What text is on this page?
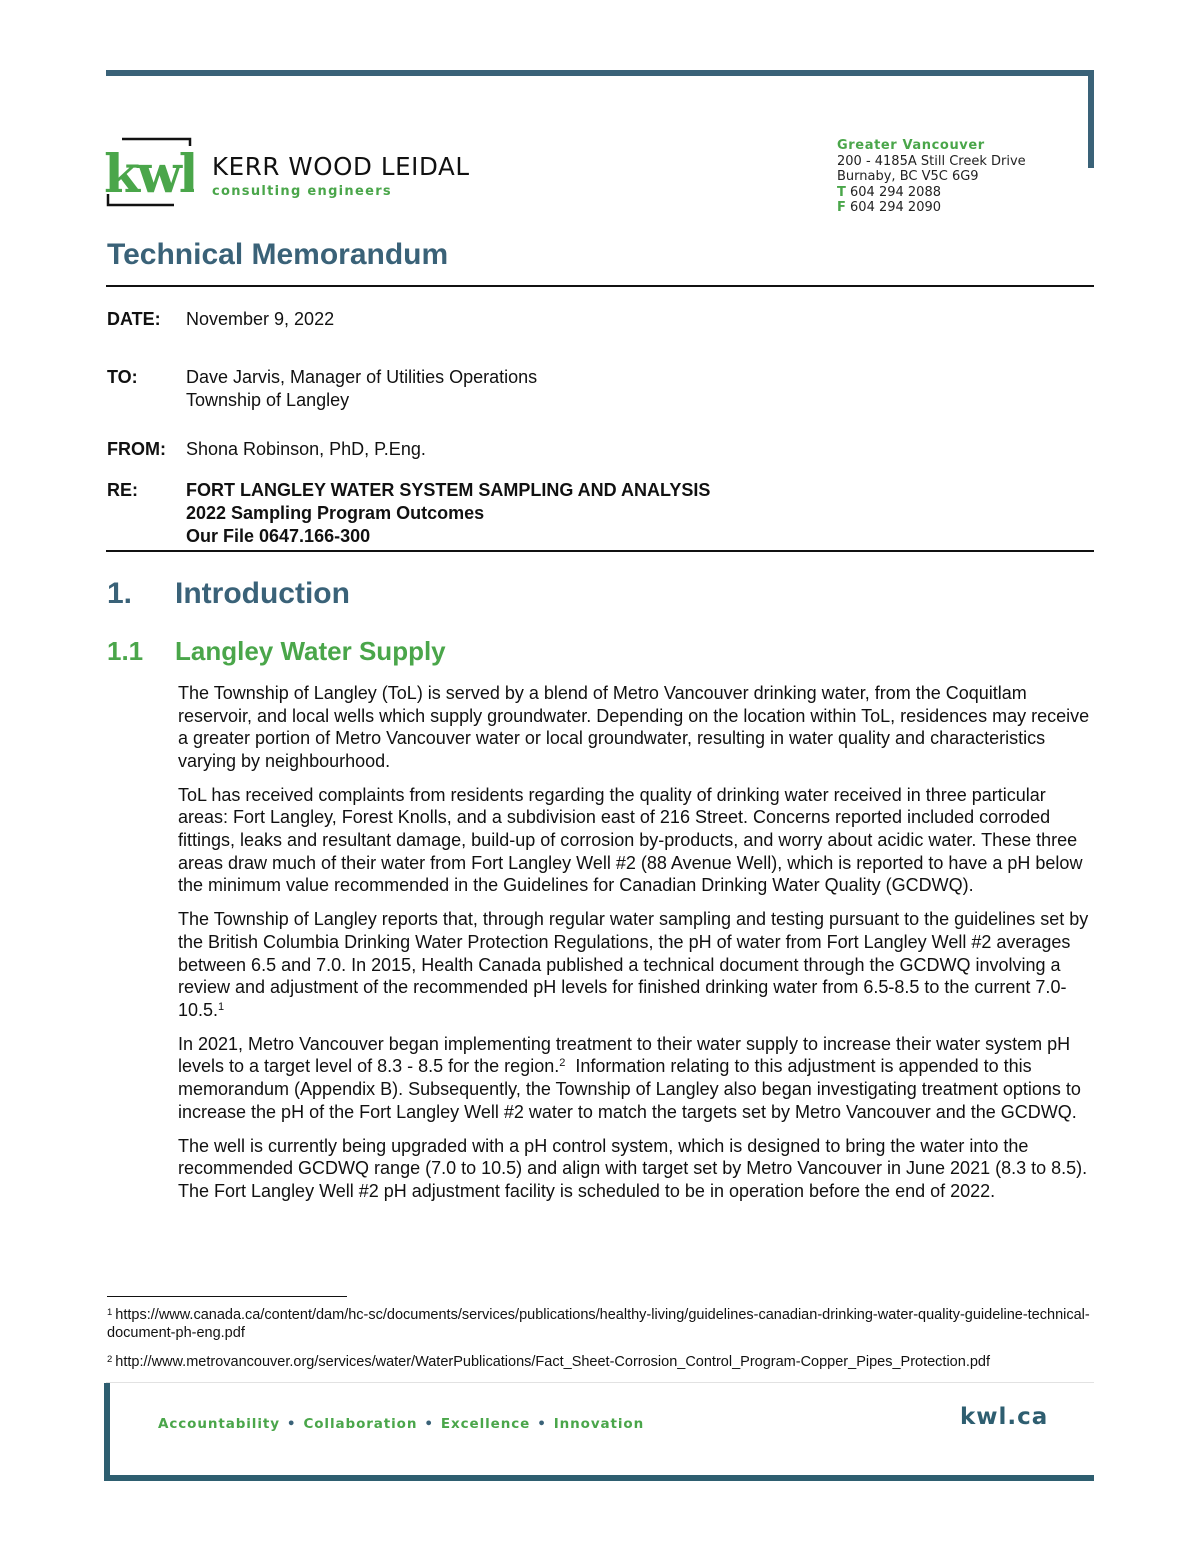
kwl KERR WOOD LEIDAL
consulting engineers
Greater Vancouver
200 - 4185A Still Creek Drive
Burnaby, BC V5C 6G9
T 604 294 2088
F 604 294 2090
Technical Memorandum
DATE:	November 9, 2022
TO:	Dave Jarvis, Manager of Utilities Operations
Township of Langley
FROM:	Shona Robinson, PhD, P.Eng.
RE:	FORT LANGLEY WATER SYSTEM SAMPLING AND ANALYSIS
2022 Sampling Program Outcomes
Our File 0647.166-300
1.	Introduction
1.1	Langley Water Supply

The Township of Langley (ToL) is served by a blend of Metro Vancouver drinking water, from the Coquitlam reservoir, and local wells which supply groundwater. Depending on the location within ToL, residences may receive a greater portion of Metro Vancouver water or local groundwater, resulting in water quality and characteristics varying by neighbourhood.

ToL has received complaints from residents regarding the quality of drinking water received in three particular areas: Fort Langley, Forest Knolls, and a subdivision east of 216 Street. Concerns reported included corroded fittings, leaks and resultant damage, build-up of corrosion by-products, and worry about acidic water. These three areas draw much of their water from Fort Langley Well #2 (88 Avenue Well), which is reported to have a pH below the minimum value recommended in the Guidelines for Canadian Drinking Water Quality (GCDWQ).

The Township of Langley reports that, through regular water sampling and testing pursuant to the guidelines set by the British Columbia Drinking Water Protection Regulations, the pH of water from Fort Langley Well #2 averages between 6.5 and 7.0. In 2015, Health Canada published a technical document through the GCDWQ involving a review and adjustment of the recommended pH levels for finished drinking water from 6.5-8.5 to the current 7.0-10.5.$^1$

In 2021, Metro Vancouver began implementing treatment to their water supply to increase their water system pH levels to a target level of 8.3 - 8.5 for the region.$^2$ Information relating to this adjustment is appended to this memorandum (Appendix B). Subsequently, the Township of Langley also began investigating treatment options to increase the pH of the Fort Langley Well #2 water to match the targets set by Metro Vancouver and the GCDWQ.

The well is currently being upgraded with a pH control system, which is designed to bring the water into the recommended GCDWQ range (7.0 to 10.5) and align with target set by Metro Vancouver in June 2021 (8.3 to 8.5). The Fort Langley Well #2 pH adjustment facility is scheduled to be in operation before the end of 2022.

$^1$ https://www.canada.ca/content/dam/hc-sc/documents/services/publications/healthy-living/guidelines-canadian-drinking-water-quality-guideline-technical-document-ph-eng.pdf

$^2$ http://www.metrovancouver.org/services/water/WaterPublications/Fact_Sheet-Corrosion_Control_Program-Copper_Pipes_Protection.pdf

Accountability • Collaboration • Excellence • Innovation	kwl.ca
